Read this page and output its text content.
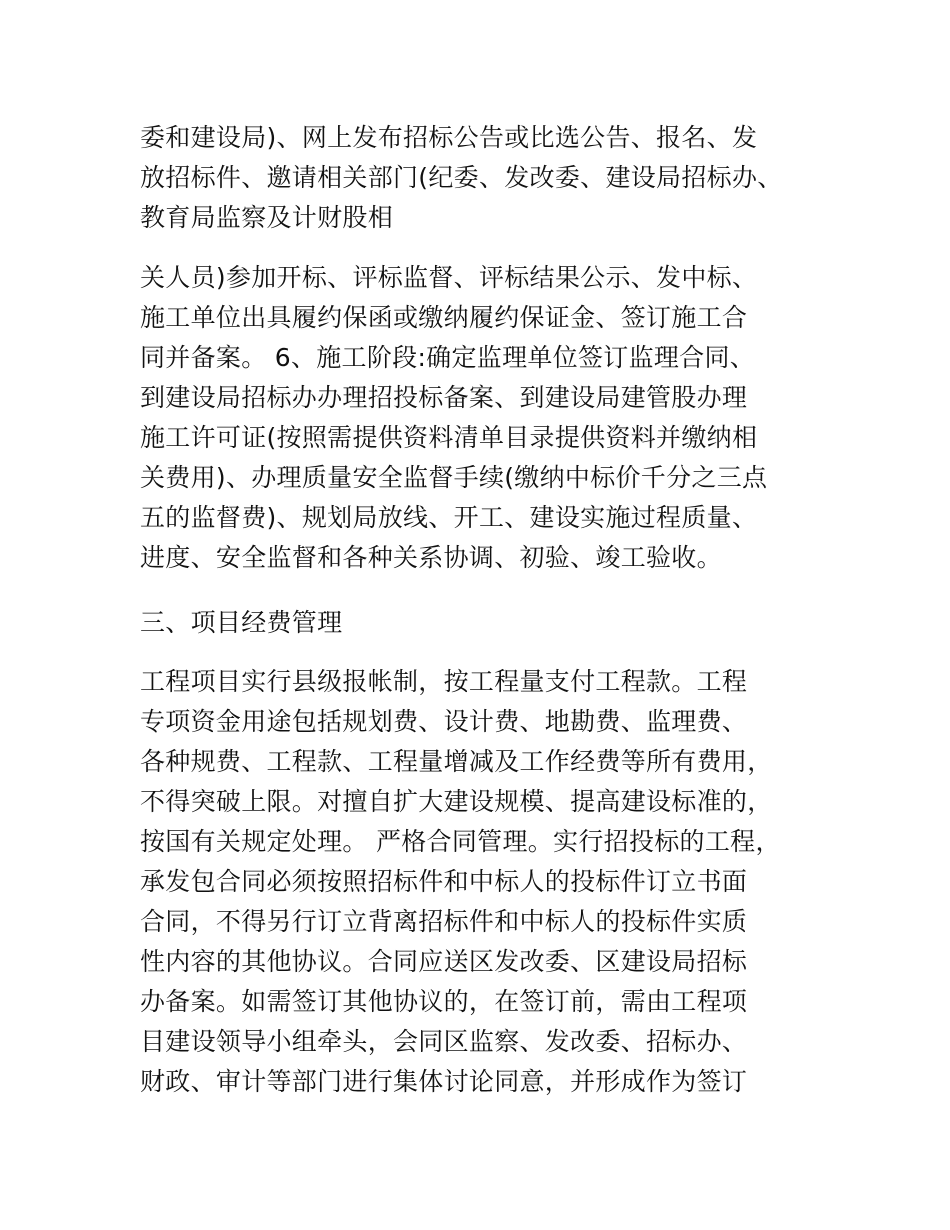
委和建设局)、网上发布招标公告或比选公告、报名、发
放招标件、邀请相关部门(纪委、发改委、建设局招标办、
教育局监察及计财股相
关人员)参加开标、评标监督、评标结果公示、发中标、
施工单位出具履约保函或缴纳履约保证金、签订施工合
同并备案。 6、施工阶段:确定监理单位签订监理合同、
到建设局招标办办理招投标备案、到建设局建管股办理
施工许可证(按照需提供资料清单目录提供资料并缴纳相
关费用)、办理质量安全监督手续(缴纳中标价千分之三点
五的监督费)、规划局放线、开工、建设实施过程质量、
进度、安全监督和各种关系协调、初验、竣工验收。
三、项目经费管理
工程项目实行县级报帐制，按工程量支付工程款。工程
专项资金用途包括规划费、设计费、地勘费、监理费、
各种规费、工程款、工程量增减及工作经费等所有费用，
不得突破上限。对擅自扩大建设规模、提高建设标准的，
按国有关规定处理。 严格合同管理。实行招投标的工程，
承发包合同必须按照招标件和中标人的投标件订立书面
合同，不得另行订立背离招标件和中标人的投标件实质
性内容的其他协议。合同应送区发改委、区建设局招标
办备案。如需签订其他协议的，在签订前，需由工程项
目建设领导小组牵头，会同区监察、发改委、招标办、
财政、审计等部门进行集体讨论同意，并形成作为签订
